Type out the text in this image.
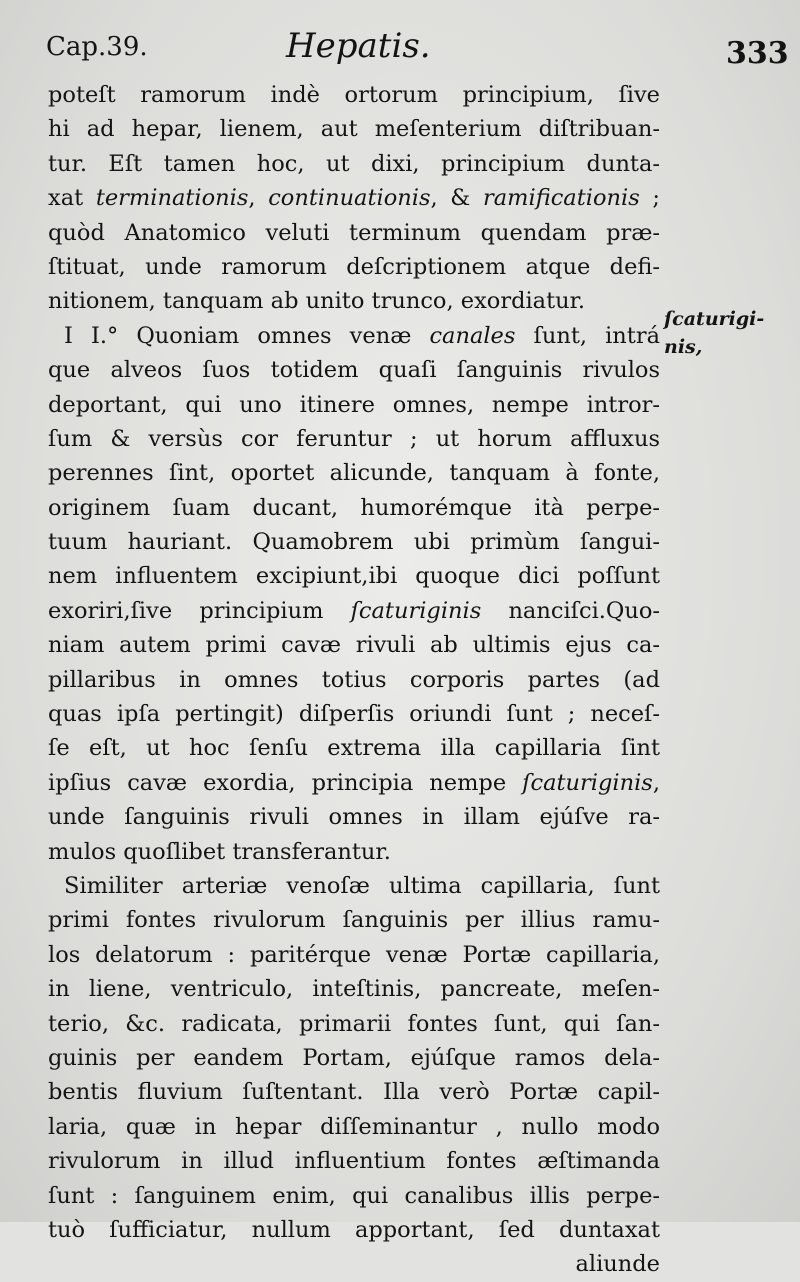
Cap.39.	Hepatis.	333
poteſt ramorum indè ortorum principium, ſive
hi ad hepar, lienem, aut meſenterium diſtribuan-
tur. Eſt tamen hoc, ut dixi, principium dunta-
xat terminationis, continuationis, & ramificationis ;
quòd Anatomico veluti terminum quendam præ-
ſtituat, unde ramorum deſcriptionem atque defi-
nitionem, tanquam ab unito trunco, exordiatur.
I I.° Quoniam omnes venæ canales ſunt, intrá
que alveos ſuos totidem quaſi ſanguinis rivulos
deportant, qui uno itinere omnes, nempe intror-
ſum & versùs cor feruntur ; ut horum affluxus
perennes ſint, oportet alicunde, tanquam à fonte,
originem ſuam ducant, humorémque ità perpe-
tuum hauriant. Quamobrem ubi primùm ſangui-
nem influentem excipiunt,ibi quoque dici poſſunt
exoriri,ſive principium ſcaturiginis nanciſci.Quo-
niam autem primi cavæ rivuli ab ultimis ejus ca-
pillaribus in omnes totius corporis partes (ad
quas ipſa pertingit) diſperſis oriundi ſunt ; neceſ-
ſe eſt, ut hoc ſenſu extrema illa capillaria ſint
ipſius cavæ exordia, principia nempe ſcaturiginis,
unde ſanguinis rivuli omnes in illam ejúſve ra-
mulos quoſlibet transferantur.
Similiter arteriæ venoſæ ultima capillaria, ſunt
primi fontes rivulorum ſanguinis per illius ramu-
los delatorum : paritérque venæ Portæ capillaria,
in liene, ventriculo, inteſtinis, pancreate, meſen-
terio, &c. radicata, primarii fontes ſunt, qui ſan-
guinis per eandem Portam, ejúſque ramos dela-
bentis fluvium ſuſtentant. Illa verò Portæ capil-
laria, quæ in hepar diſſeminantur , nullo modo
rivulorum in illud influentium fontes æſtimanda
ſunt : ſanguinem enim, qui canalibus illis perpe-
tuò ſufficiatur, nullum apportant, ſed duntaxat
aliunde
ſcaturigi-
nis,
